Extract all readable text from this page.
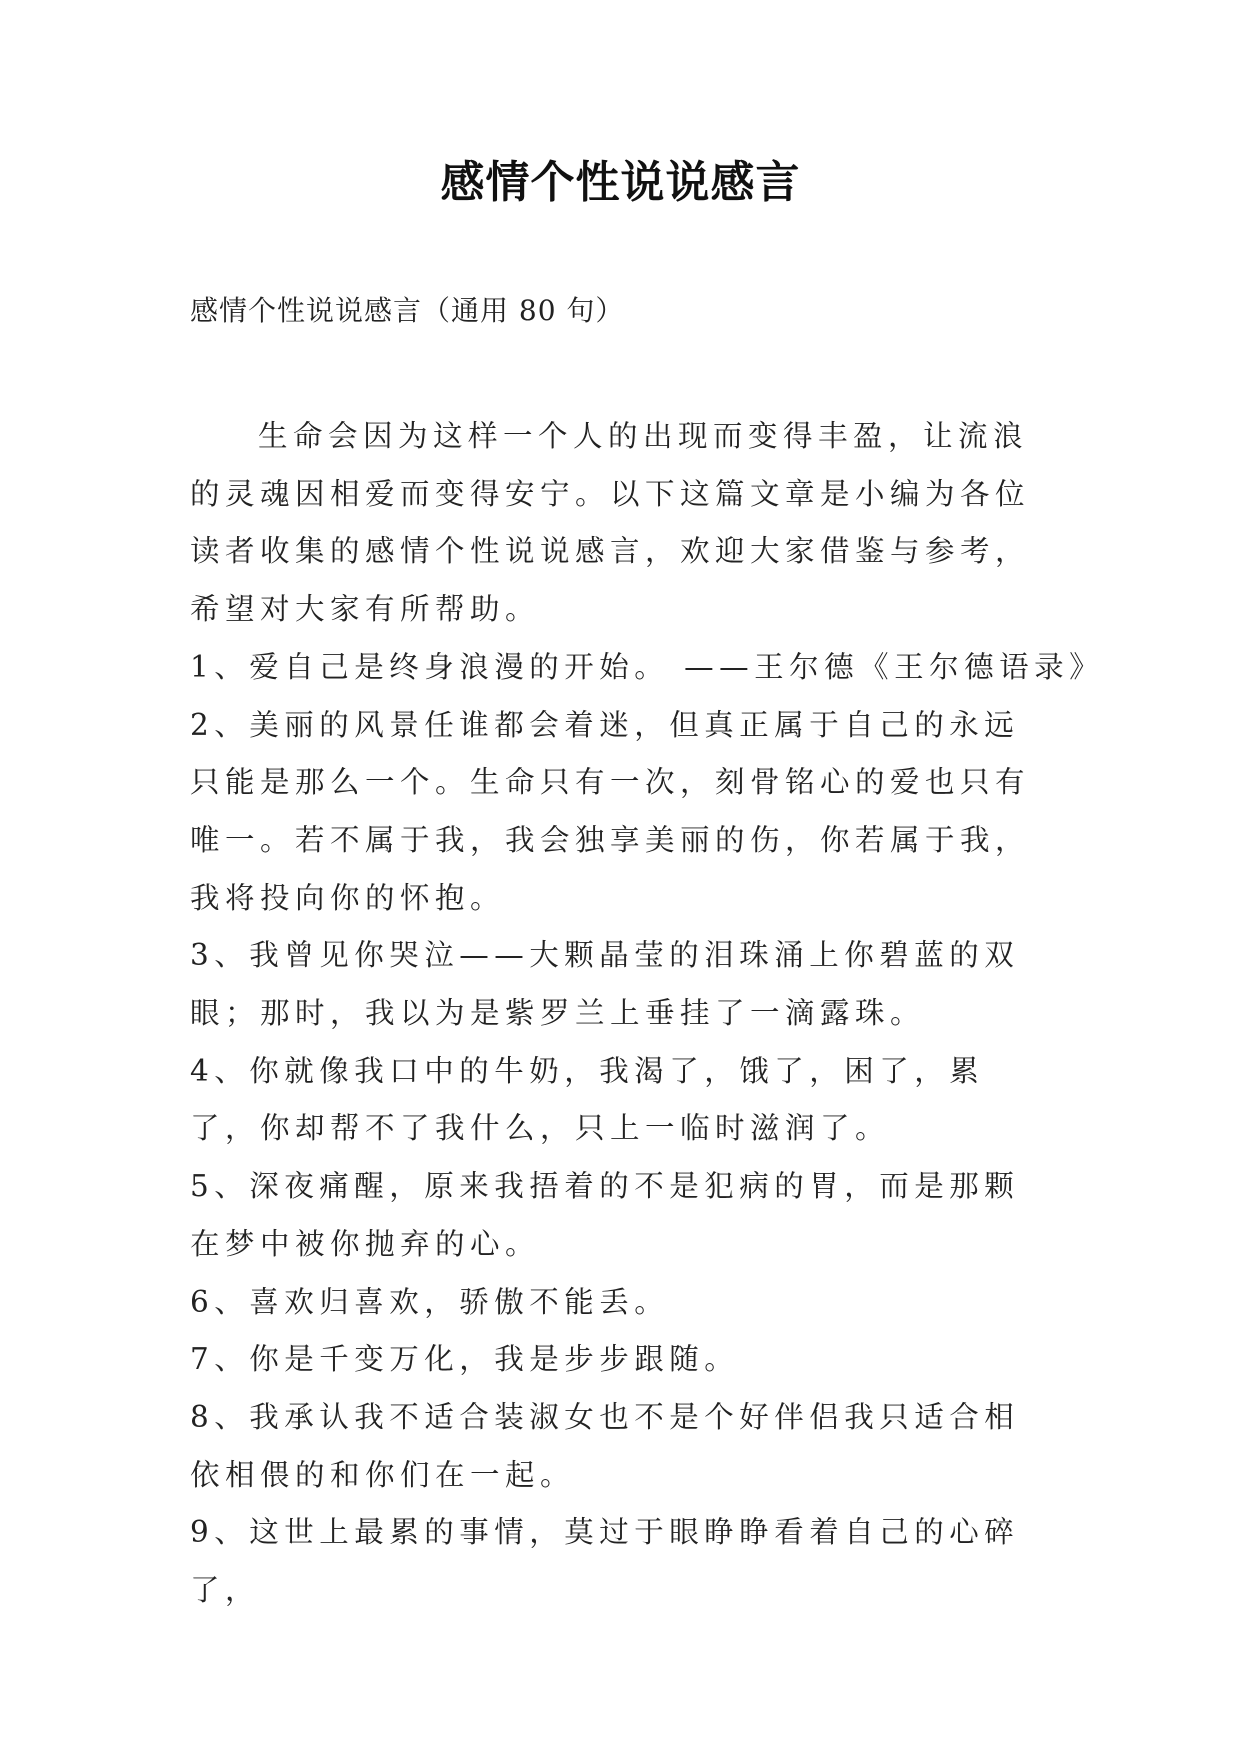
感情个性说说感言
感情个性说说感言（通用 80 句）

生命会因为这样一个人的出现而变得丰盈，让流浪的灵魂因相爱而变得安宁。以下这篇文章是小编为各位读者收集的感情个性说说感言，欢迎大家借鉴与参考，希望对大家有所帮助。

1、爱自己是终身浪漫的开始。 ——王尔德《王尔德语录》

2、美丽的风景任谁都会着迷，但真正属于自己的永远只能是那么一个。生命只有一次，刻骨铭心的爱也只有唯一。若不属于我，我会独享美丽的伤，你若属于我，我将投向你的怀抱。

3、我曾见你哭泣——大颗晶莹的泪珠涌上你碧蓝的双眼；那时，我以为是紫罗兰上垂挂了一滴露珠。

4、你就像我口中的牛奶，我渴了，饿了，困了，累了，你却帮不了我什么，只上一临时滋润了。

5、深夜痛醒，原来我捂着的不是犯病的胃，而是那颗在梦中被你抛弃的心。

6、喜欢归喜欢，骄傲不能丢。

7、你是千变万化，我是步步跟随。

8、我承认我不适合装淑女也不是个好伴侣我只适合相依相偎的和你们在一起。

9、这世上最累的事情，莫过于眼睁睁看着自己的心碎了，
